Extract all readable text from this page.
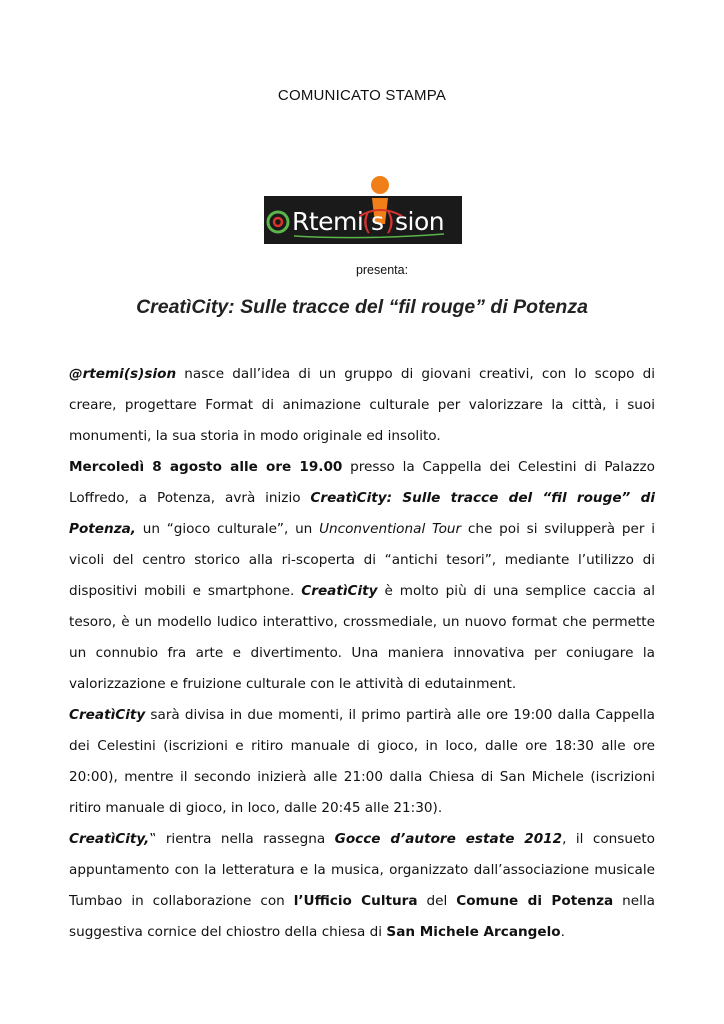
COMUNICATO STAMPA
Rtemi
( s ) sion
presenta:
CreatìCity: Sulle tracce del “fil rouge” di Potenza

@rtemi(s)sion nasce dall’idea di un gruppo di giovani creativi, con lo scopo di creare, progettare Format di animazione culturale per valorizzare la città, i suoi monumenti, la sua storia in modo originale ed insolito.

Mercoledì 8 agosto alle ore 19.00 presso la Cappella dei Celestini di Palazzo Loffredo, a Potenza, avrà inizio CreatìCity: Sulle tracce del “fil rouge” di Potenza, un “gioco culturale”, un Unconventional Tour che poi si svilupperà per i vicoli del centro storico alla ri-scoperta di “antichi tesori”, mediante l’utilizzo di dispositivi mobili e smartphone. CreatìCity è molto più di una semplice caccia al tesoro, è un modello ludico interattivo, crossmediale, un nuovo format che permette un connubio fra arte e divertimento. Una maniera innovativa per coniugare la valorizzazione e fruizione culturale con le attività di edutainment.

CreatìCity sarà divisa in due momenti, il primo partirà alle ore 19:00 dalla Cappella dei Celestini (iscrizioni e ritiro manuale di gioco, in loco, dalle ore 18:30 alle ore 20:00), mentre il secondo inizierà alle 21:00 dalla Chiesa di San Michele (iscrizioni ritiro manuale di gioco, in loco, dalle 20:45 alle 21:30).

CreatìCity,‟ rientra nella rassegna Gocce d’autore estate 2012, il consueto appuntamento con la letteratura e la musica, organizzato dall’associazione musicale Tumbao in collaborazione con l’Ufficio Cultura del Comune di Potenza nella suggestiva cornice del chiostro della chiesa di San Michele Arcangelo.
